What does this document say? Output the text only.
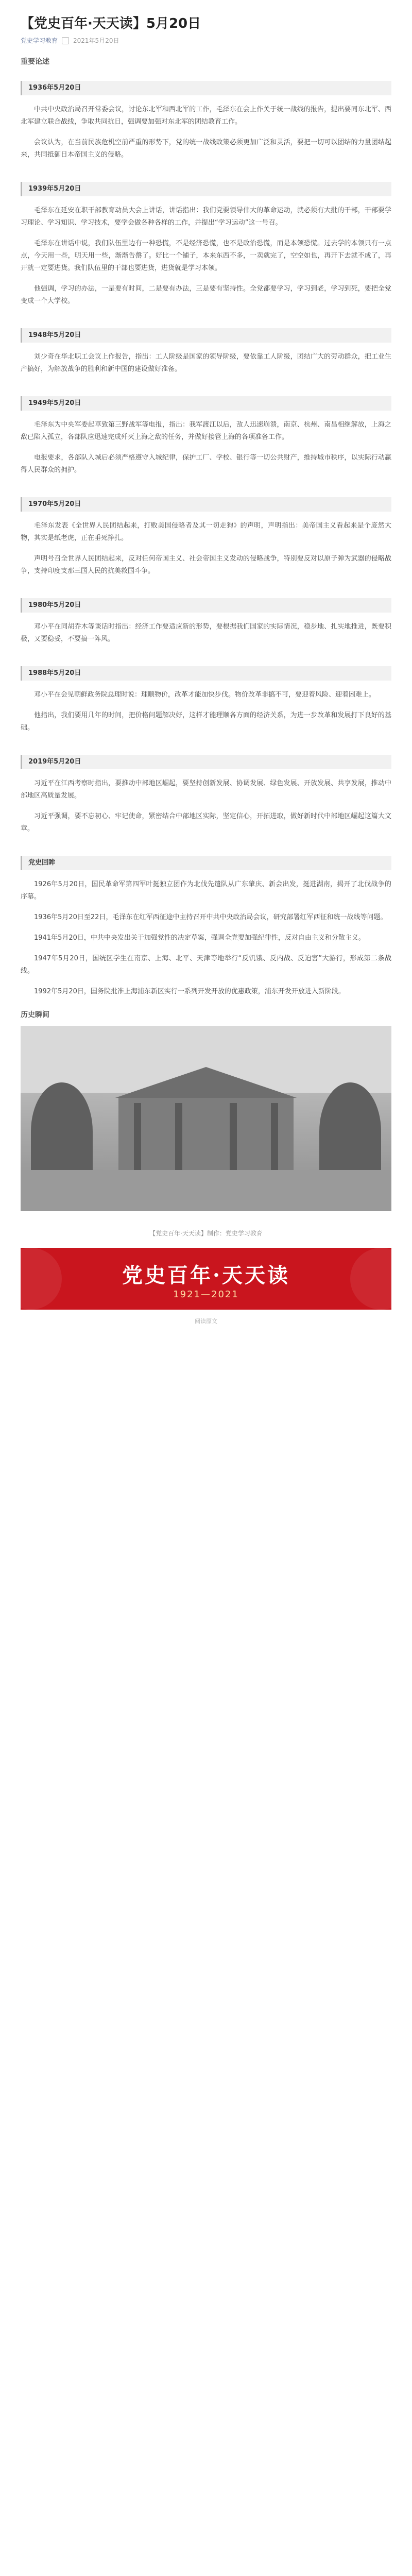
【党史百年·天天读】5月20日
党史学习教育	2021年5月20日
重要论述
1936年5月20日

中共中央政治局召开常委会议，讨论东北军和西北军的工作，毛泽东在会上作关于统一战线的报告，提出要同东北军、西北军建立联合战线，争取共同抗日，强调要加强对东北军的团结教育工作。

会议认为，在当前民族危机空前严重的形势下，党的统一战线政策必须更加广泛和灵活，要把一切可以团结的力量团结起来，共同抵御日本帝国主义的侵略。

1939年5月20日

毛泽东在延安在职干部教育动员大会上讲话，讲话指出：我们党要领导伟大的革命运动，就必须有大批的干部，干部要学习理论、学习知识、学习技术，要学会做各种各样的工作，并提出“学习运动”这一号召。

毛泽东在讲话中说，我们队伍里边有一种恐慌，不是经济恐慌，也不是政治恐慌，而是本领恐慌。过去学的本领只有一点点，今天用一些，明天用一些，渐渐告罄了。好比一个铺子，本来东西不多，一卖就完了，空空如也，再开下去就不成了，再开就一定要进货。我们队伍里的干部也要进货，进货就是学习本领。

他强调，学习的办法，一是要有时间，二是要有办法，三是要有坚持性。全党都要学习，学习到老，学习到死，要把全党变成一个大学校。

1948年5月20日

刘少奇在华北职工会议上作报告，指出：工人阶级是国家的领导阶级，要依靠工人阶级，团结广大的劳动群众，把工业生产搞好，为解放战争的胜利和新中国的建设做好准备。

1949年5月20日

毛泽东为中央军委起草致第三野战军等电报，指出：我军渡江以后，敌人迅速崩溃，南京、杭州、南昌相继解放，上海之敌已陷入孤立，各部队应迅速完成歼灭上海之敌的任务，并做好接管上海的各项准备工作。

电报要求，各部队入城后必须严格遵守入城纪律，保护工厂、学校、银行等一切公共财产，维持城市秩序，以实际行动赢得人民群众的拥护。

1970年5月20日

毛泽东发表《全世界人民团结起来，打败美国侵略者及其一切走狗》的声明，声明指出：美帝国主义看起来是个庞然大物，其实是纸老虎，正在垂死挣扎。

声明号召全世界人民团结起来，反对任何帝国主义、社会帝国主义发动的侵略战争，特别要反对以原子弹为武器的侵略战争，支持印度支那三国人民的抗美救国斗争。

1980年5月20日

邓小平在同胡乔木等谈话时指出：经济工作要适应新的形势，要根据我们国家的实际情况，稳步地、扎实地推进，既要积极，又要稳妥，不要搞一阵风。

1988年5月20日

邓小平在会见朝鲜政务院总理时说：理顺物价，改革才能加快步伐。物价改革非搞不可，要迎着风险、迎着困难上。

他指出，我们要用几年的时间，把价格问题解决好，这样才能理顺各方面的经济关系，为进一步改革和发展打下良好的基础。

2019年5月20日

习近平在江西考察时指出，要推动中部地区崛起，要坚持创新发展、协调发展、绿色发展、开放发展、共享发展，推动中部地区高质量发展。

习近平强调，要不忘初心、牢记使命，紧密结合中部地区实际，坚定信心，开拓进取，做好新时代中部地区崛起这篇大文章。

党史回眸

1926年5月20日，国民革命军第四军叶挺独立团作为北伐先遣队从广东肇庆、新会出发，挺进湖南，揭开了北伐战争的序幕。

1936年5月20日至22日，毛泽东在红军西征途中主持召开中共中央政治局会议，研究部署红军西征和统一战线等问题。

1941年5月20日，中共中央发出关于加强党性的决定草案，强调全党要加强纪律性，反对自由主义和分散主义。

1947年5月20日，国统区学生在南京、上海、北平、天津等地举行“反饥饿、反内战、反迫害”大游行，形成第二条战线。

1992年5月20日，国务院批准上海浦东新区实行一系列开发开放的优惠政策，浦东开发开放进入新阶段。

历史瞬间
【党史百年·天天读】制作：党史学习教育
党史百年·天天读
1921—2021
阅读原文
